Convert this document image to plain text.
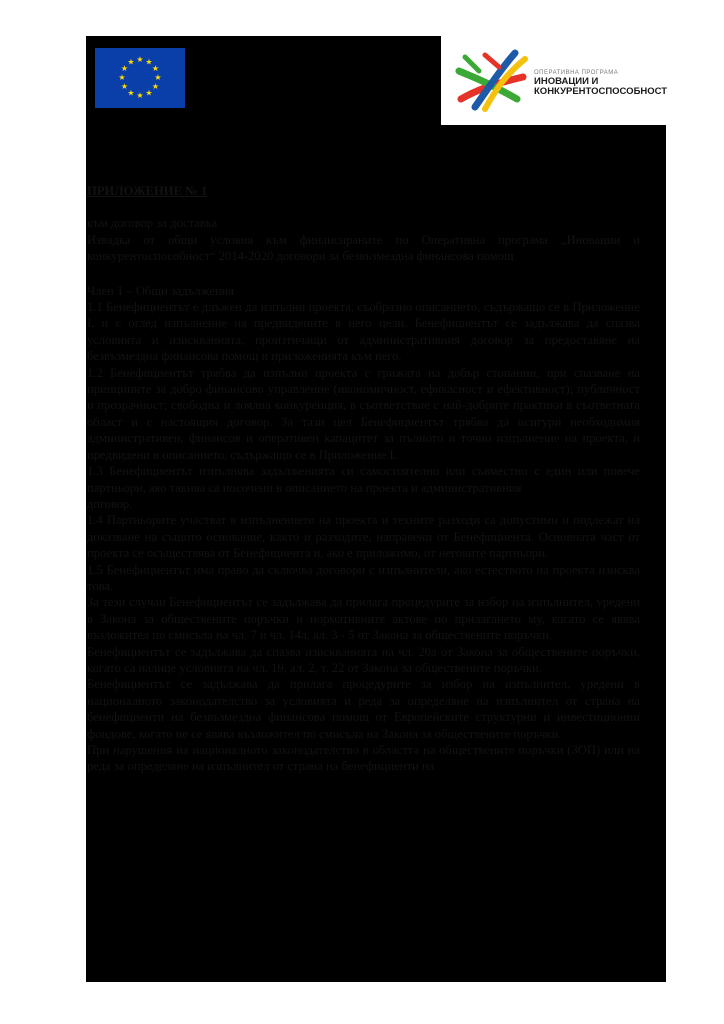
★ ★
★
★
★
★
★
★
★
★
★
★
ОПЕРАТИВНА ПРОГРАМА
ИНОВАЦИИ И
КОНКУРЕНТОСПОСОБНОСТ

ПРИЛОЖЕНИЕ № 1

към договор за доставка

Извадка от общи условия към финансираните по Оперативна програма „Иновации и конкурентоспособност“ 2014-2020 договори за безвъзмездна финансова помощ

Член 1 – Общи задължения

1.1 Бенефициентът е длъжен да изпълни проекта, съобразно описанието, съдържащо се в Приложение I, и с оглед изпълнение на предвидените в него цели. Бенефициентът се задължава да спазва условията и изискванията, произтичащи от административния договор за предоставяне на безвъзмездна финансова помощ и приложенията към него.

1.2 Бенефициентът трябва да изпълни проекта с грижата на добър стопанин, при спазване на принципите за добро финансово управление (икономичност, ефикасност и ефективност); публичност и прозрачност; свободна и лоялна конкуренция, в съответствие с най-добрите практики в съответната област и с настоящия договор. За тази цел Бенефициентът трябва да осигури необходимия административен, финансов и оперативен капацитет за пълното и точно изпълнение на проекта, и предвидени в описанието, съдържащо се в Приложение I.

1.3 Бенефициентът изпълнява задълженията си самостоятелно или съвместно с един или повече партньори, ако такива са посочени в описанието на проекта и административния

договор.

1.4 Партньорите участват в изпълнението на проекта и техните разходи са допустими и подлежат на доказване на същото основание, както и разходите, направени от Бенефициента. Основната част от проекта се осъществява от Бенефициента и, ако е приложимо, от неговите партньори.

1.5 Бенефициентът има право да сключва договори с изпълнители, ако естеството на проекта изисква това.

За тези случаи Бенефициентът се задължава да прилага процедурите за избор на изпълнител, уредени в Закона за обществените поръчки и нормативните актове по прилагането му, когато се явява възложител по смисъла на чл. 7 и чл. 14а, ал. 3 - 5 от Закона за обществените поръчки.

Бенефициентът се задължава да спазва изискванията на чл. 20а от Закона за обществените поръчки, когато са налице условията на чл. 19, ал. 2, т. 22 от Закона за обществените поръчки.

Бенефициентът се задължава да прилага процедурите за избор на изпълнител, уредени в националното законодателство за условията и реда за определяне на изпълнител от страна на бенефициенти на безвъзмездна финансова помощ от Европейските структурни и инвестиционни фондове, когато не се явява възложител по смисъла на Закона за обществените поръчки.

При нарушения на националното законодателство в областта на обществените поръчки (ЗОП) или на реда за определяне на изпълнител от страна на бенефициенти на
